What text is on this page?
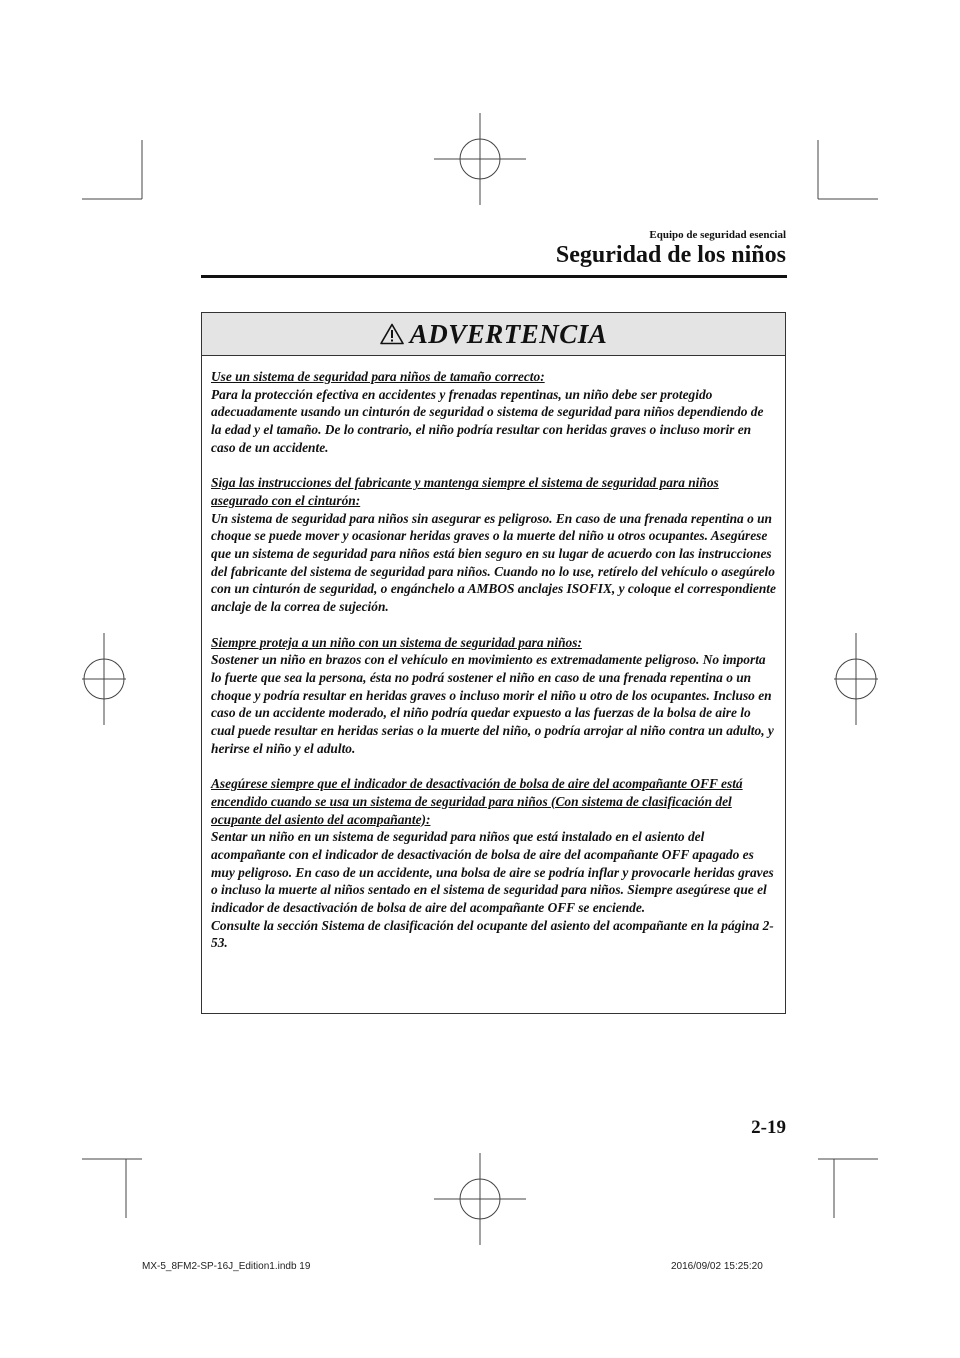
Equipo de seguridad esencial
Seguridad de los niños
ADVERTENCIA
Use un sistema de seguridad para niños de tamaño correcto:
Para la protección efectiva en accidentes y frenadas repentinas, un niño debe ser protegido adecuadamente usando un cinturón de seguridad o sistema de seguridad para niños dependiendo de la edad y el tamaño. De lo contrario, el niño podría resultar con heridas graves o incluso morir en caso de un accidente.
Siga las instrucciones del fabricante y mantenga siempre el sistema de seguridad para niños asegurado con el cinturón:
Un sistema de seguridad para niños sin asegurar es peligroso. En caso de una frenada repentina o un choque se puede mover y ocasionar heridas graves o la muerte del niño u otros ocupantes. Asegúrese que un sistema de seguridad para niños está bien seguro en su lugar de acuerdo con las instrucciones del fabricante del sistema de seguridad para niños. Cuando no lo use, retírelo del vehículo o asegúrelo con un cinturón de seguridad, o engánchelo a AMBOS anclajes ISOFIX, y coloque el correspondiente anclaje de la correa de sujeción.
Siempre proteja a un niño con un sistema de seguridad para niños:
Sostener un niño en brazos con el vehículo en movimiento es extremadamente peligroso. No importa lo fuerte que sea la persona, ésta no podrá sostener el niño en caso de una frenada repentina o un choque y podría resultar en heridas graves o incluso morir el niño u otro de los ocupantes. Incluso en caso de un accidente moderado, el niño podría quedar expuesto a las fuerzas de la bolsa de aire lo cual puede resultar en heridas serias o la muerte del niño, o podría arrojar al niño contra un adulto, y herirse el niño y el adulto.
Asegúrese siempre que el indicador de desactivación de bolsa de aire del acompañante OFF está encendido cuando se usa un sistema de seguridad para niños (Con sistema de clasificación del ocupante del asiento del acompañante):
Sentar un niño en un sistema de seguridad para niños que está instalado en el asiento del acompañante con el indicador de desactivación de bolsa de aire del acompañante OFF apagado es muy peligroso. En caso de un accidente, una bolsa de aire se podría inflar y provocarle heridas graves o incluso la muerte al niños sentado en el sistema de seguridad para niños. Siempre asegúrese que el indicador de desactivación de bolsa de aire del acompañante OFF se enciende.
Consulte la sección Sistema de clasificación del ocupante del asiento del acompañante en la página 2-53.
2-19
MX-5_8FM2-SP-16J_Edition1.indb 19	2016/09/02 15:25:20
